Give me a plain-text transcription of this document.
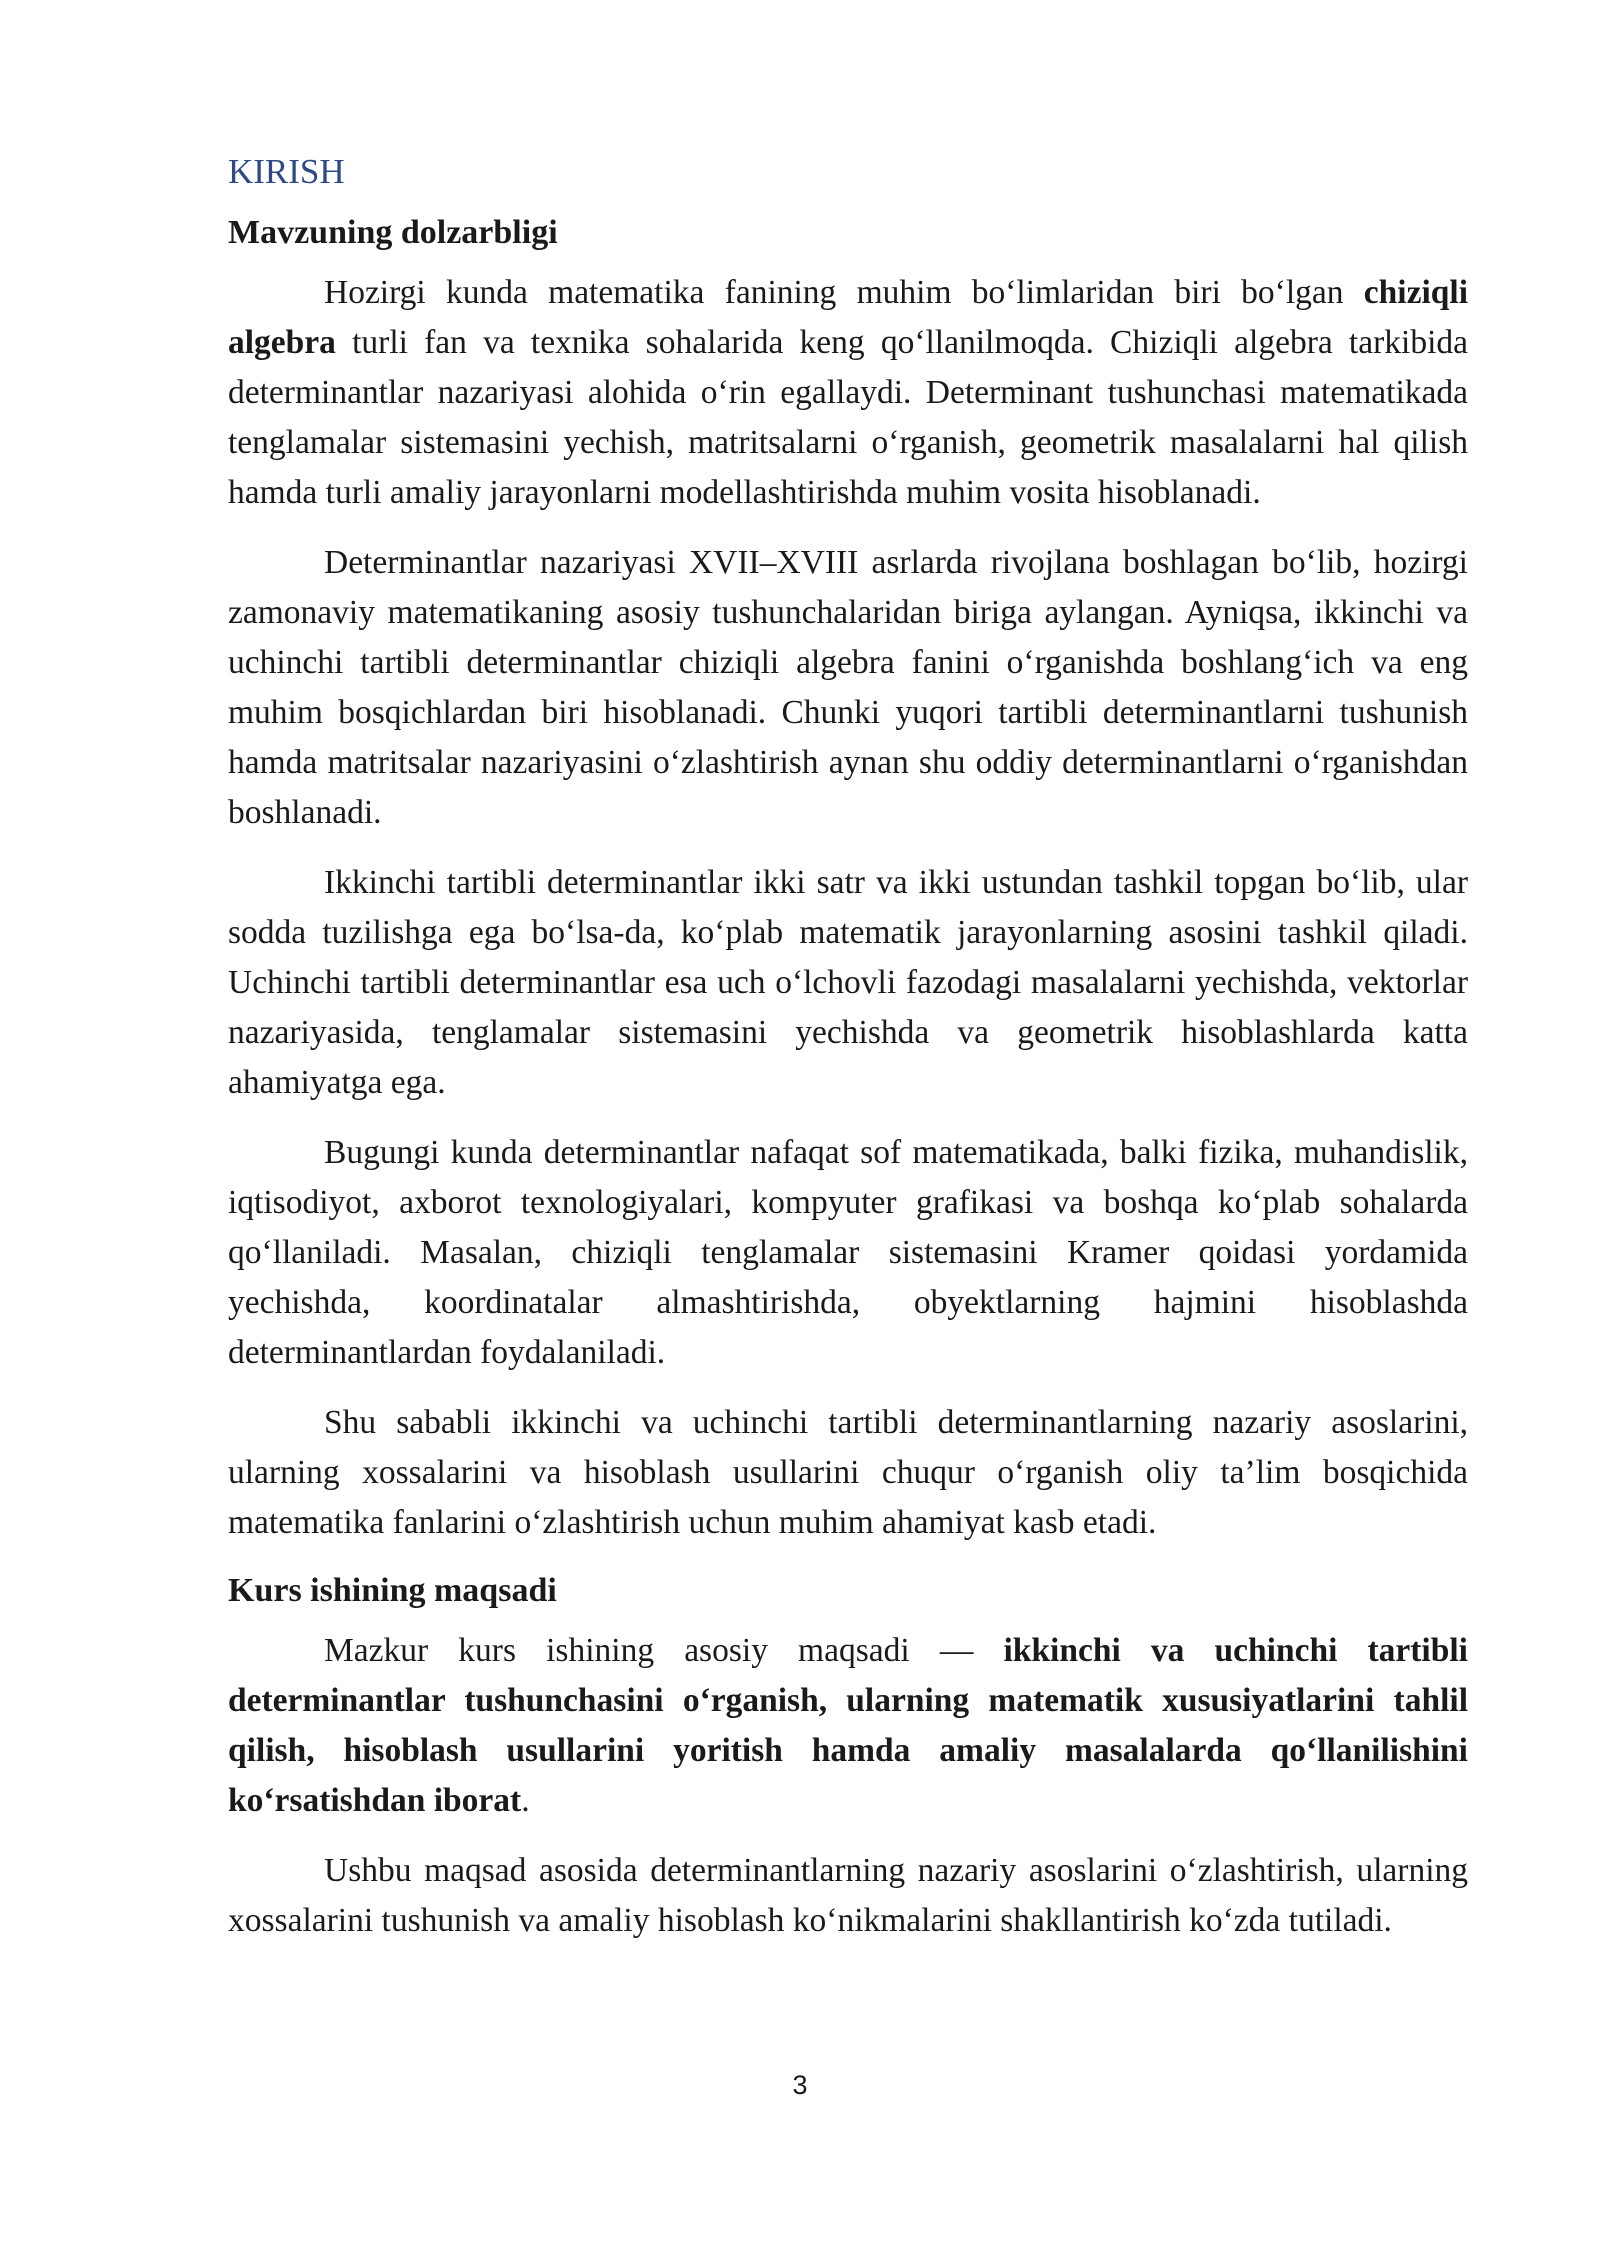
KIRISH
Mavzuning dolzarbligi

Hozirgi kunda matematika fanining muhim bo‘limlaridan biri bo‘lgan chiziqli algebra turli fan va texnika sohalarida keng qo‘llanilmoqda. Chiziqli algebra tarkibida determinantlar nazariyasi alohida o‘rin egallaydi. Determinant tushunchasi matematikada tenglamalar sistemasini yechish, matritsalarni o‘rganish, geometrik masalalarni hal qilish hamda turli amaliy jarayonlarni modellashtirishda muhim vosita hisoblanadi.

Determinantlar nazariyasi XVII–XVIII asrlarda rivojlana boshlagan bo‘lib, hozirgi zamonaviy matematikaning asosiy tushunchalaridan biriga aylangan. Ayniqsa, ikkinchi va uchinchi tartibli determinantlar chiziqli algebra fanini o‘rganishda boshlang‘ich va eng muhim bosqichlardan biri hisoblanadi. Chunki yuqori tartibli determinantlarni tushunish hamda matritsalar nazariyasini o‘zlashtirish aynan shu oddiy determinantlarni o‘rganishdan boshlanadi.

Ikkinchi tartibli determinantlar ikki satr va ikki ustundan tashkil topgan bo‘lib, ular sodda tuzilishga ega bo‘lsa-da, ko‘plab matematik jarayonlarning asosini tashkil qiladi. Uchinchi tartibli determinantlar esa uch o‘lchovli fazodagi masalalarni yechishda, vektorlar nazariyasida, tenglamalar sistemasini yechishda va geometrik hisoblashlarda katta ahamiyatga ega.

Bugungi kunda determinantlar nafaqat sof matematikada, balki fizika, muhandislik, iqtisodiyot, axborot texnologiyalari, kompyuter grafikasi va boshqa ko‘plab sohalarda qo‘llaniladi. Masalan, chiziqli tenglamalar sistemasini Kramer qoidasi yordamida yechishda, koordinatalar almashtirishda, obyektlarning hajmini hisoblashda determinantlardan foydalaniladi.

Shu sababli ikkinchi va uchinchi tartibli determinantlarning nazariy asoslarini, ularning xossalarini va hisoblash usullarini chuqur o‘rganish oliy ta’lim bosqichida matematika fanlarini o‘zlashtirish uchun muhim ahamiyat kasb etadi.

Kurs ishining maqsadi

Mazkur kurs ishining asosiy maqsadi — ikkinchi va uchinchi tartibli determinantlar tushunchasini o‘rganish, ularning matematik xususiyatlarini tahlil qilish, hisoblash usullarini yoritish hamda amaliy masalalarda qo‘llanilishini ko‘rsatishdan iborat.

Ushbu maqsad asosida determinantlarning nazariy asoslarini o‘zlashtirish, ularning xossalarini tushunish va amaliy hisoblash ko‘nikmalarini shakllantirish ko‘zda tutiladi.

3
